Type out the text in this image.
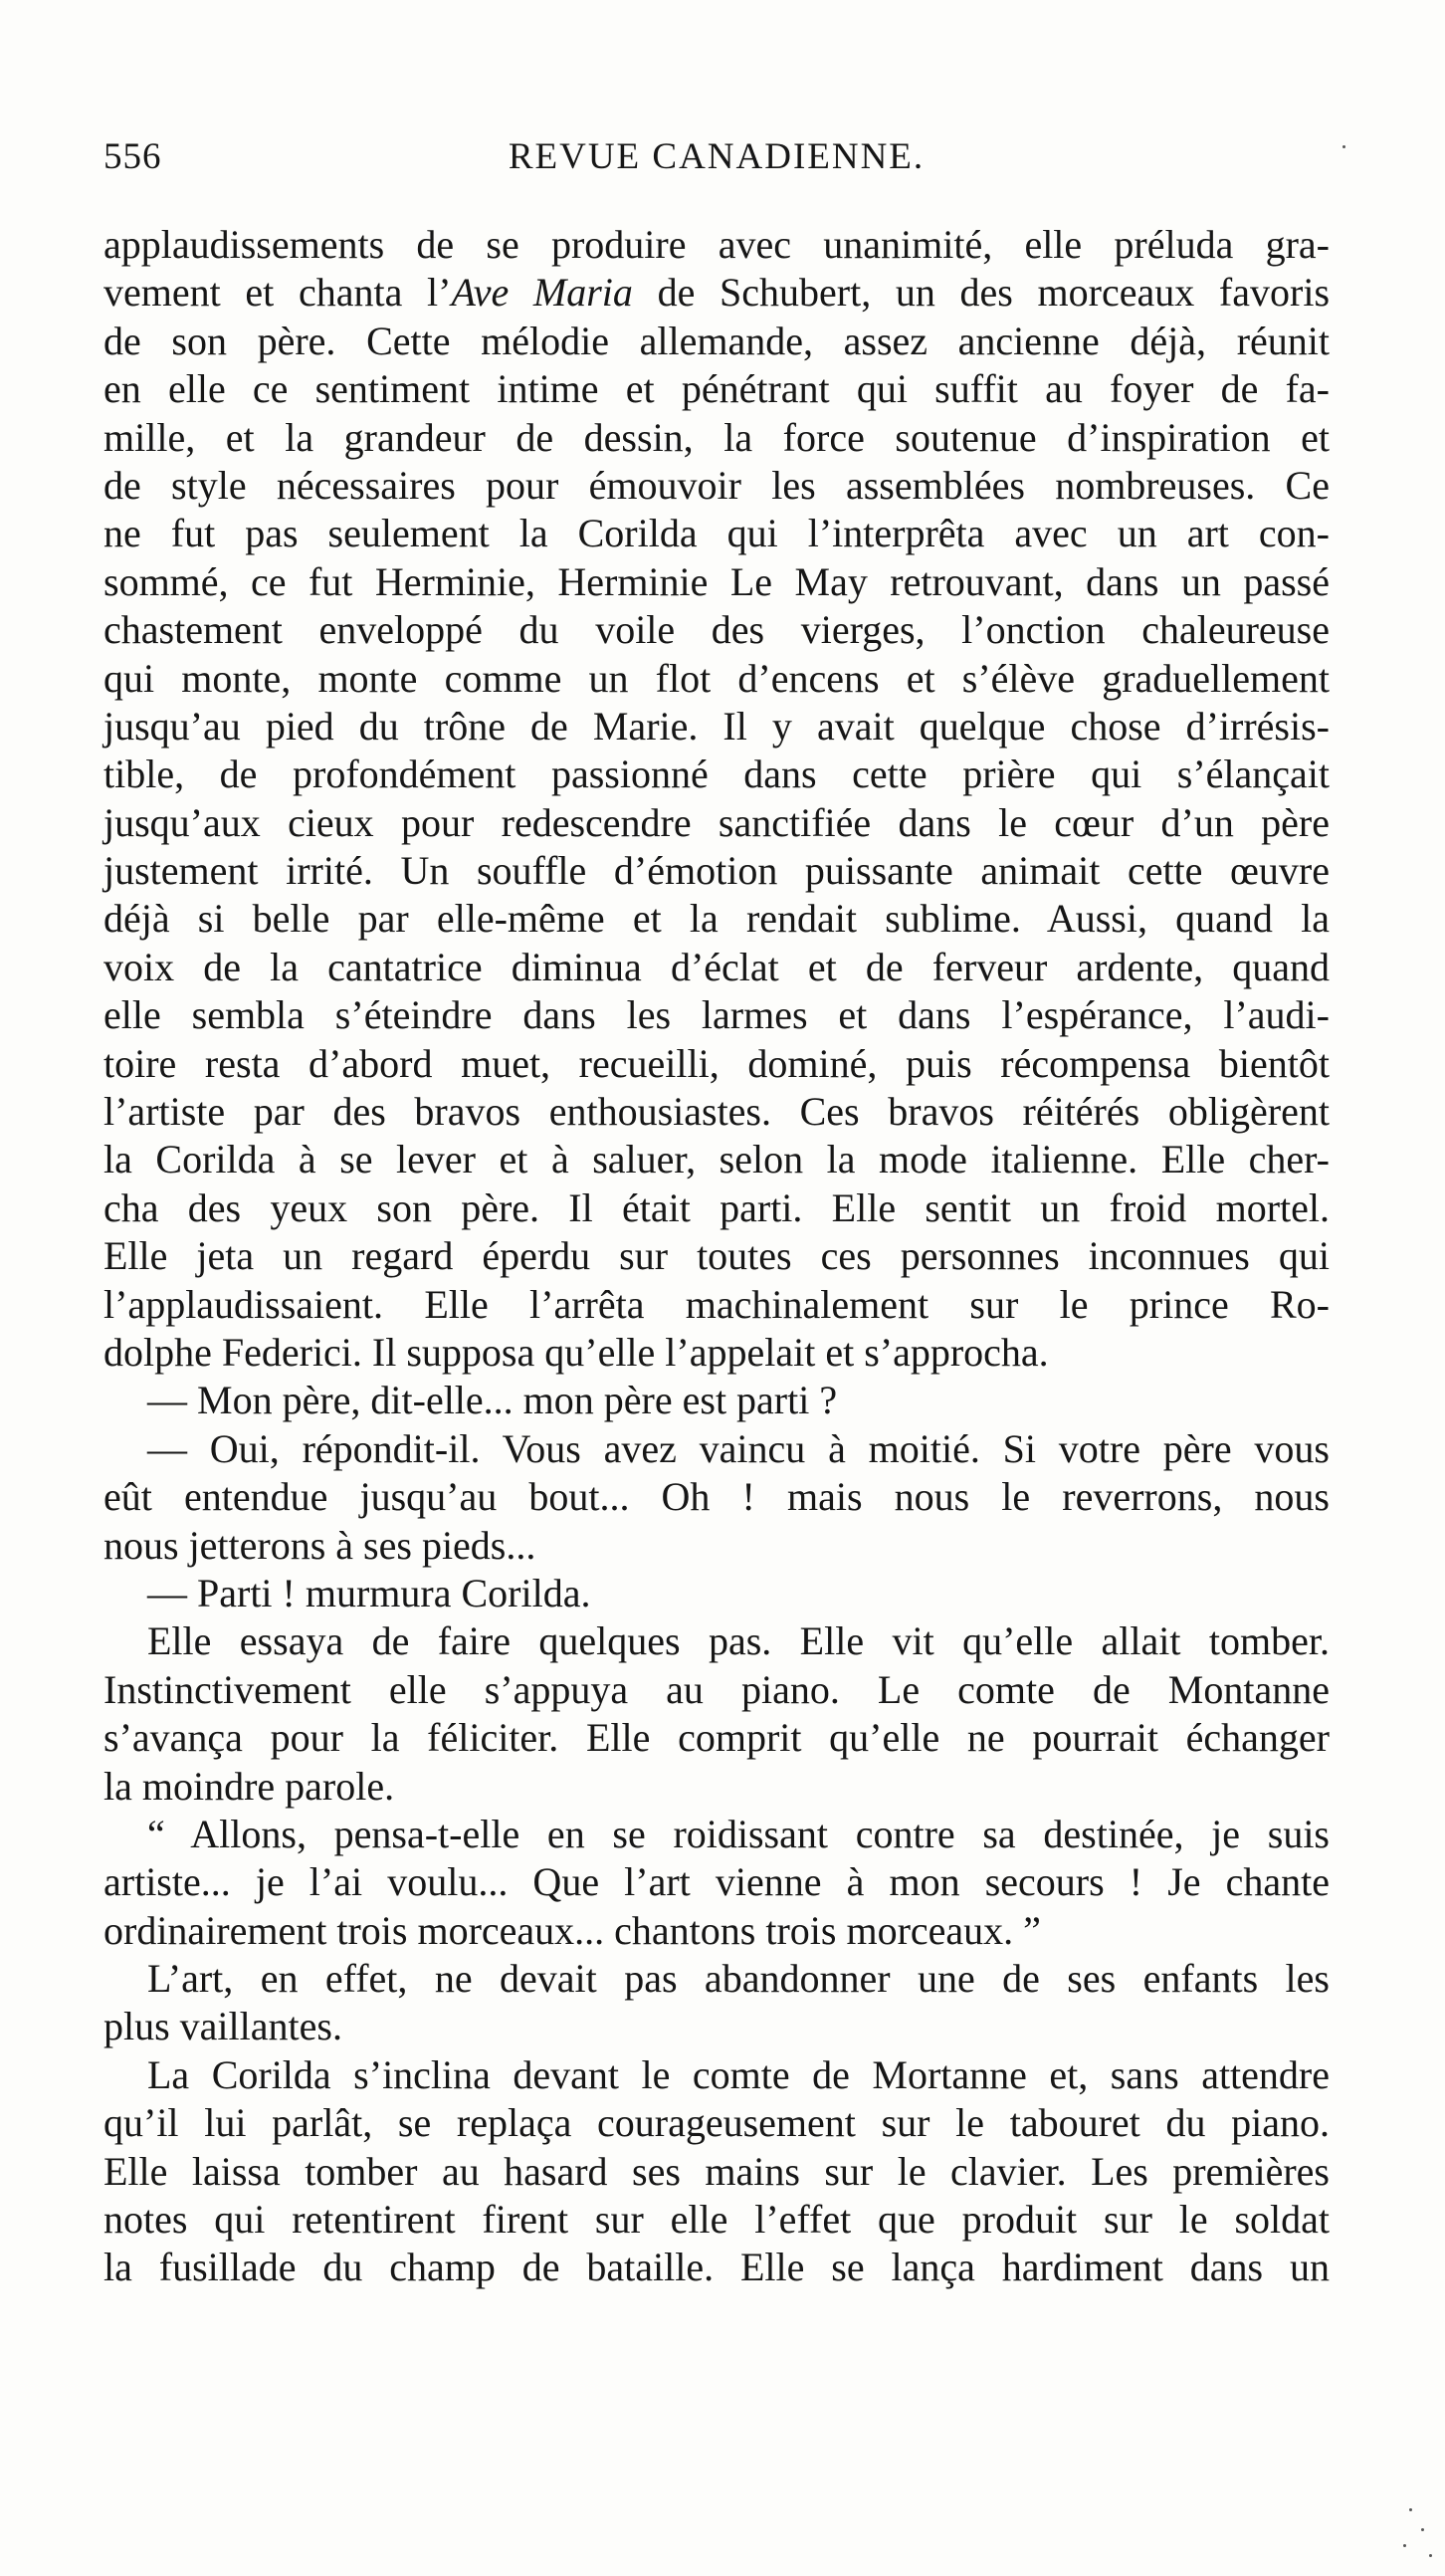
556	REVUE CANADIENNE.
applaudissements de se produire avec unanimité, elle préluda gra-
vement et chanta l’Ave Maria de Schubert, un des morceaux favoris
de son père. Cette mélodie allemande, assez ancienne déjà, réunit
en elle ce sentiment intime et pénétrant qui suffit au foyer de fa-
mille, et la grandeur de dessin, la force soutenue d’inspiration et
de style nécessaires pour émouvoir les assemblées nombreuses. Ce
ne fut pas seulement la Corilda qui l’interprêta avec un art con-
sommé, ce fut Herminie, Herminie Le May retrouvant, dans un passé
chastement enveloppé du voile des vierges, l’onction chaleureuse
qui monte, monte comme un flot d’encens et s’élève graduellement
jusqu’au pied du trône de Marie. Il y avait quelque chose d’irrésis-
tible, de profondément passionné dans cette prière qui s’élançait
jusqu’aux cieux pour redescendre sanctifiée dans le cœur d’un père
justement irrité. Un souffle d’émotion puissante animait cette œuvre
déjà si belle par elle-même et la rendait sublime. Aussi, quand la
voix de la cantatrice diminua d’éclat et de ferveur ardente, quand
elle sembla s’éteindre dans les larmes et dans l’espérance, l’audi-
toire resta d’abord muet, recueilli, dominé, puis récompensa bientôt
l’artiste par des bravos enthousiastes. Ces bravos réitérés obligèrent
la Corilda à se lever et à saluer, selon la mode italienne. Elle cher-
cha des yeux son père. Il était parti. Elle sentit un froid mortel.
Elle jeta un regard éperdu sur toutes ces personnes inconnues qui
l’applaudissaient. Elle l’arrêta machinalement sur le prince Ro-
dolphe Federici. Il supposa qu’elle l’appelait et s’approcha.
— Mon père, dit-elle... mon père est parti ?
— Oui, répondit-il. Vous avez vaincu à moitié. Si votre père vous
eût entendue jusqu’au bout... Oh ! mais nous le reverrons, nous
nous jetterons à ses pieds...
— Parti ! murmura Corilda.
Elle essaya de faire quelques pas. Elle vit qu’elle allait tomber.
Instinctivement elle s’appuya au piano. Le comte de Montanne
s’avança pour la féliciter. Elle comprit qu’elle ne pourrait échanger
la moindre parole.
“ Allons, pensa-t-elle en se roidissant contre sa destinée, je suis
artiste... je l’ai voulu... Que l’art vienne à mon secours ! Je chante
ordinairement trois morceaux... chantons trois morceaux. ”
L’art, en effet, ne devait pas abandonner une de ses enfants les
plus vaillantes.
La Corilda s’inclina devant le comte de Mortanne et, sans attendre
qu’il lui parlât, se replaça courageusement sur le tabouret du piano.
Elle laissa tomber au hasard ses mains sur le clavier. Les premières
notes qui retentirent firent sur elle l’effet que produit sur le soldat
la fusillade du champ de bataille. Elle se lança hardiment dans un
